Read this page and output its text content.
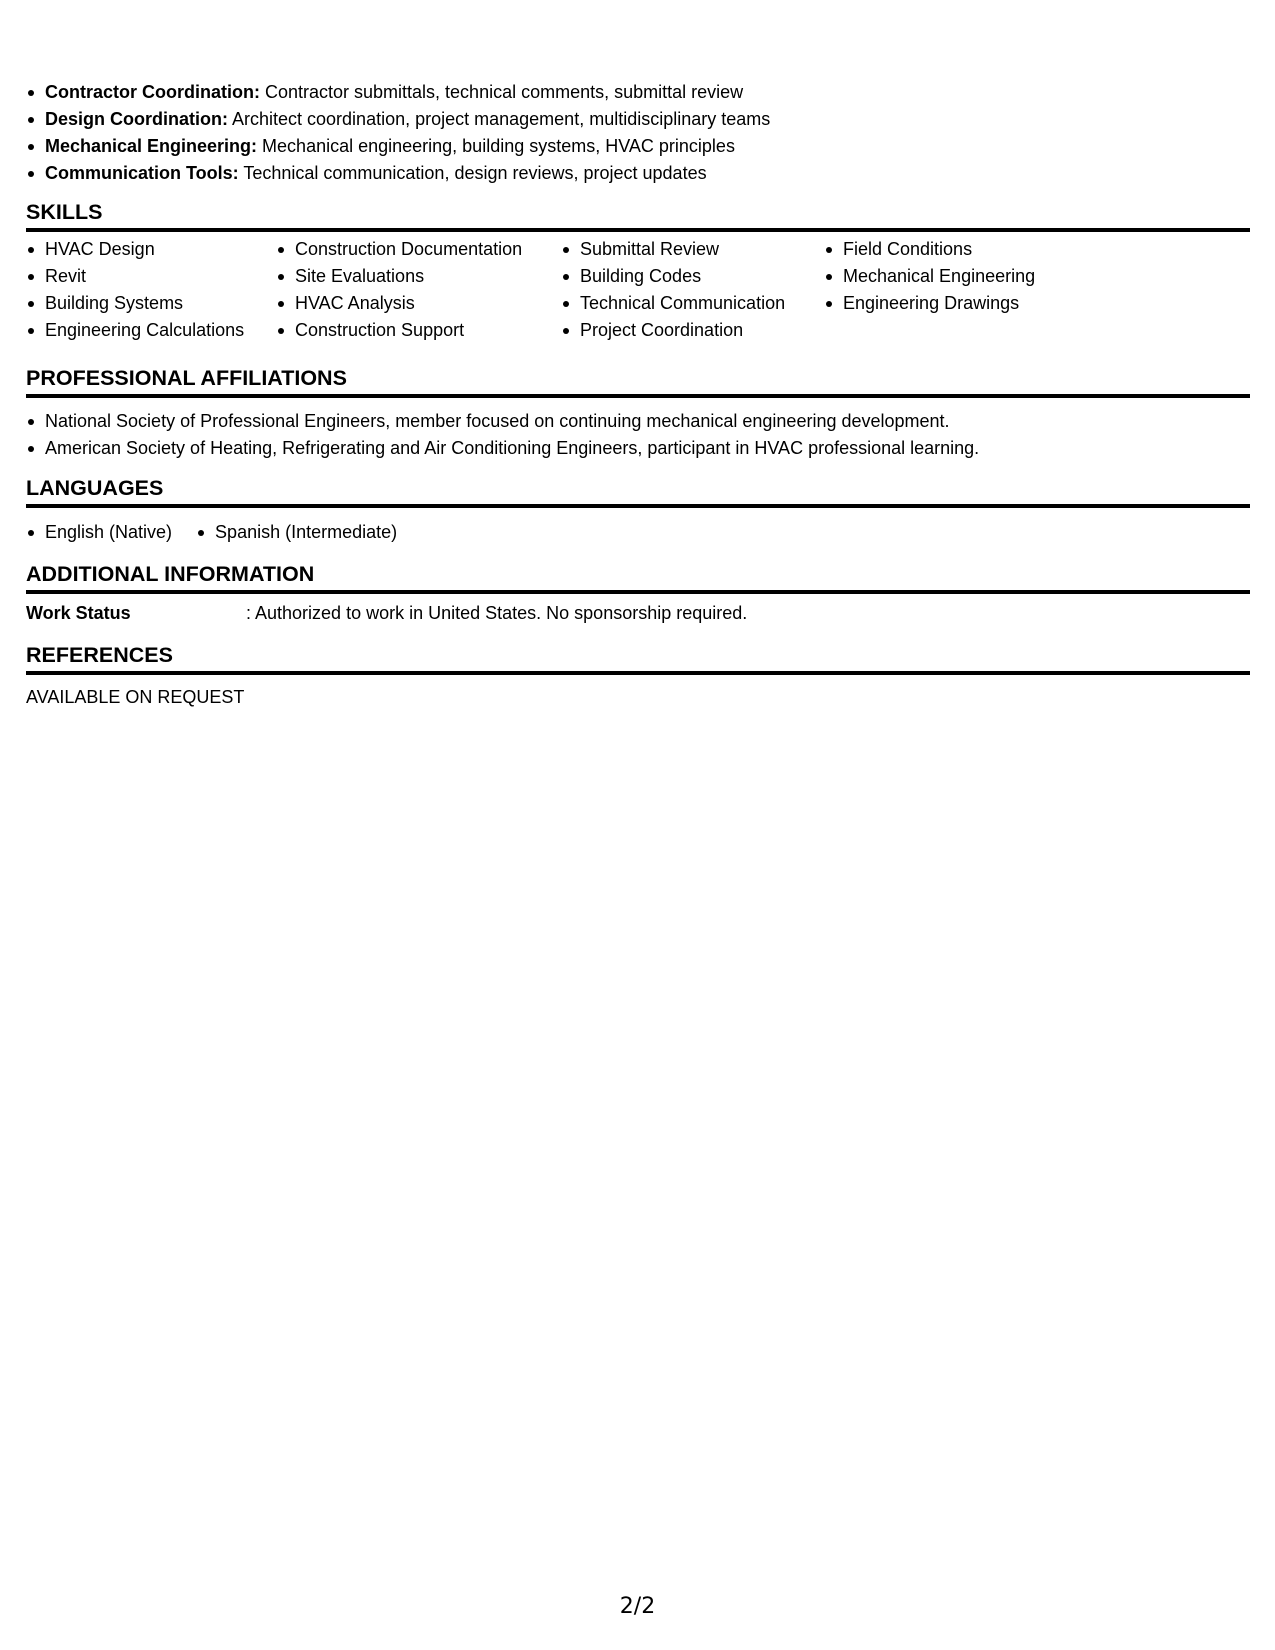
Contractor Coordination: Contractor submittals, technical comments, submittal review
Design Coordination: Architect coordination, project management, multidisciplinary teams
Mechanical Engineering: Mechanical engineering, building systems, HVAC principles
Communication Tools: Technical communication, design reviews, project updates
SKILLS
HVAC Design
Revit
Building Systems
Engineering Calculations
Construction Documentation
Site Evaluations
HVAC Analysis
Construction Support
Submittal Review
Building Codes
Technical Communication
Project Coordination
Field Conditions
Mechanical Engineering
Engineering Drawings
PROFESSIONAL AFFILIATIONS
National Society of Professional Engineers, member focused on continuing mechanical engineering development.
American Society of Heating, Refrigerating and Air Conditioning Engineers, participant in HVAC professional learning.
LANGUAGES
English (Native)	Spanish (Intermediate)
ADDITIONAL INFORMATION
Work Status	: Authorized to work in United States. No sponsorship required.
REFERENCES
AVAILABLE ON REQUEST
2/2
